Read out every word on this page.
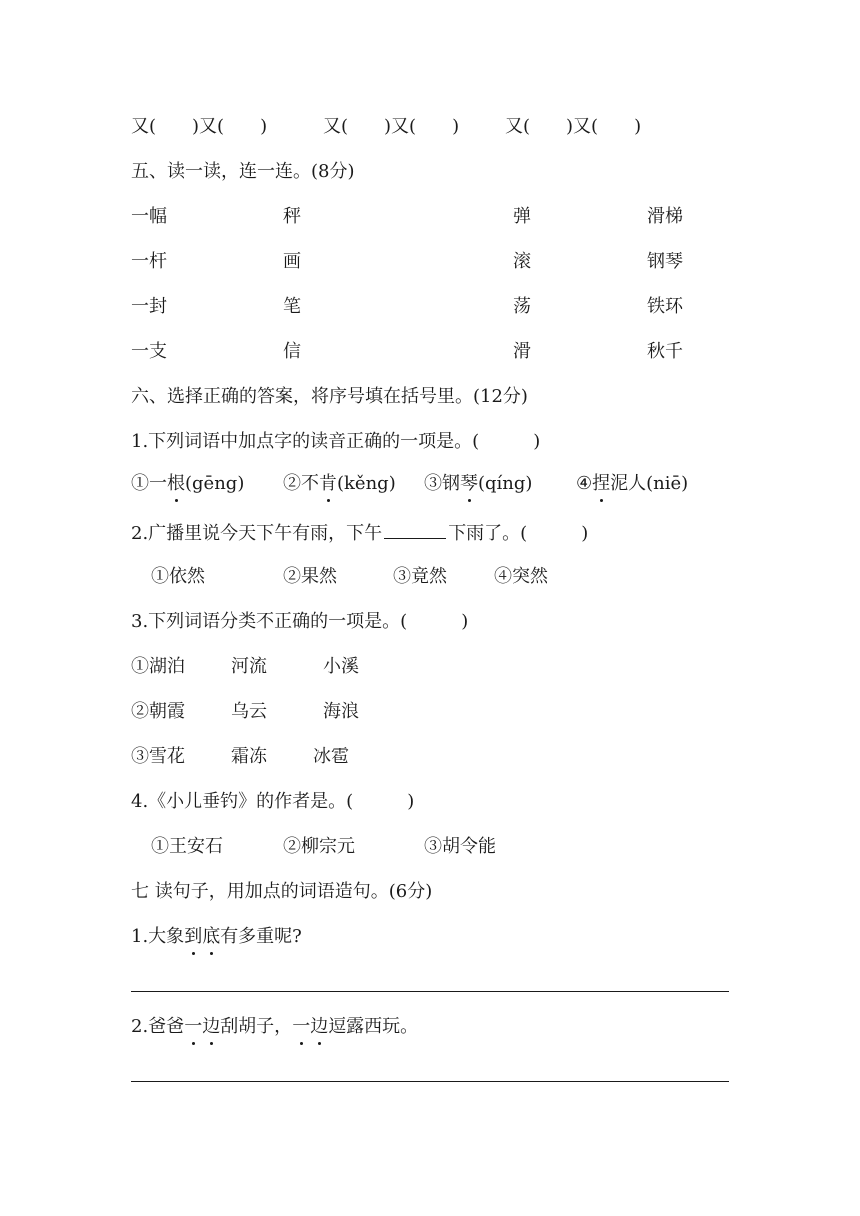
又(　　)又(　　)	又(　　)又(　　)	又(　　)又(　　)
五、读一读，连一连。(8分)
一幅	秤	弹	滑梯
一杆	画	滚	钢琴
一封	笔	荡	铁环
一支	信	滑	秋千
六、选择正确的答案，将序号填在括号里。(12分)
1.下列词语中加点字的读音正确的一项是。(　　　)
①一根(gēng) ②不肯(kěng) ③钢琴(qíng) ④捏泥人(niē)
2.广播里说今天下午有雨，下午	下雨了。(　　　)
①依然	②果然	③竟然	④突然
3.下列词语分类不正确的一项是。(　　　)
①湖泊	河流	小溪
②朝霞	乌云	海浪
③雪花	霜冻	冰雹
4.《小儿垂钓》的作者是。(　　　)
①王安石	②柳宗元	③胡令能
七 读句子，用加点的词语造句。(6分)
1.大象到底有多重呢?
2.爸爸一边刮胡子，一边逗露西玩。
